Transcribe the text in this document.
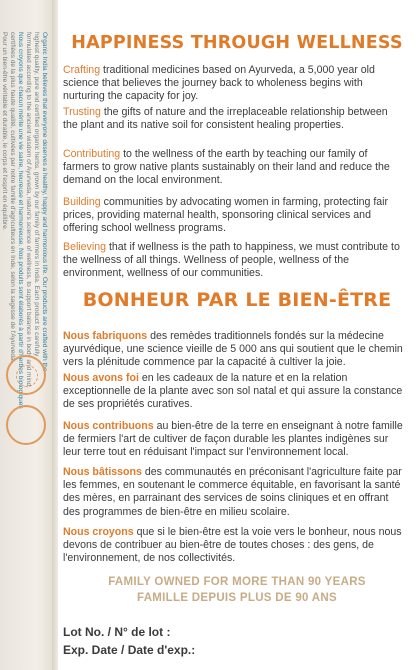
Organic India believes that everyone deserves a healthy, happy and harmonious life. Our products are crafted with the
highest quality, pure and certified organic herbs, grown by our family of farmers in India. Each product is carefully
formulated according to the ancient wisdom of Ayurveda, nature's science of wellness, to support balance in body and mind.
Nous croyons que chacun mérite une vie saine, heureuse et harmonieuse. Nos produits sont élaborés à partir d'herbes biologiques
certifiées de la plus haute qualité, cultivées par notre famille d'agriculteurs en Inde, selon la sagesse de l'Ayurveda.
Pour un bien-être véritable et durable, le corps et l'esprit en équilibre.	HAPPINESS THROUGH WELLNESS

Crafting traditional medicines based on Ayurveda, a 5,000 year old science that believes the journey back to wholeness begins with nurturing the capacity for joy.

Trusting the gifts of nature and the irreplaceable relationship between the plant and its native soil for consistent healing properties.

Contributing to the wellness of the earth by teaching our family of farmers to grow native plants sustainably on their land and reduce the demand on the local environment.

Building communities by advocating women in farming, protecting fair prices, providing maternal health, sponsoring clinical services and offering school wellness programs.

Believing that if wellness is the path to happiness, we must contribute to the wellness of all things. Wellness of people, wellness of the environment, wellness of our communities.

BONHEUR PAR LE BIEN-ÊTRE

Nous fabriquons des remèdes traditionnels fondés sur la médecine ayurvédique, une science vieille de 5 000 ans qui soutient que le chemin vers la plénitude commence par la capacité à cultiver la joie.

Nous avons foi en les cadeaux de la nature et en la relation exceptionnelle de la plante avec son sol natal et qui assure la constance de ses propriétés curatives.

Nous contribuons au bien-être de la terre en enseignant à notre famille de fermiers l'art de cultiver de façon durable les plantes indigènes sur leur terre tout en réduisant l'impact sur l'environnement local.

Nous bâtissons des communautés en préconisant l'agriculture faite par les femmes, en soutenant le commerce équitable, en favorisant la santé des mères, en parrainant des services de soins cliniques et en offrant des programmes de bien-être en milieu scolaire.

Nous croyons que si le bien-être est la voie vers le bonheur, nous nous devons de contribuer au bien-être de toutes choses : des gens, de l'environnement, de nos collectivités.

FAMILY OWNED FOR MORE THAN 90 YEARS
FAMILLE DEPUIS PLUS DE 90 ANS
Lot No. / N° de lot :
Exp. Date / Date d'exp.:
